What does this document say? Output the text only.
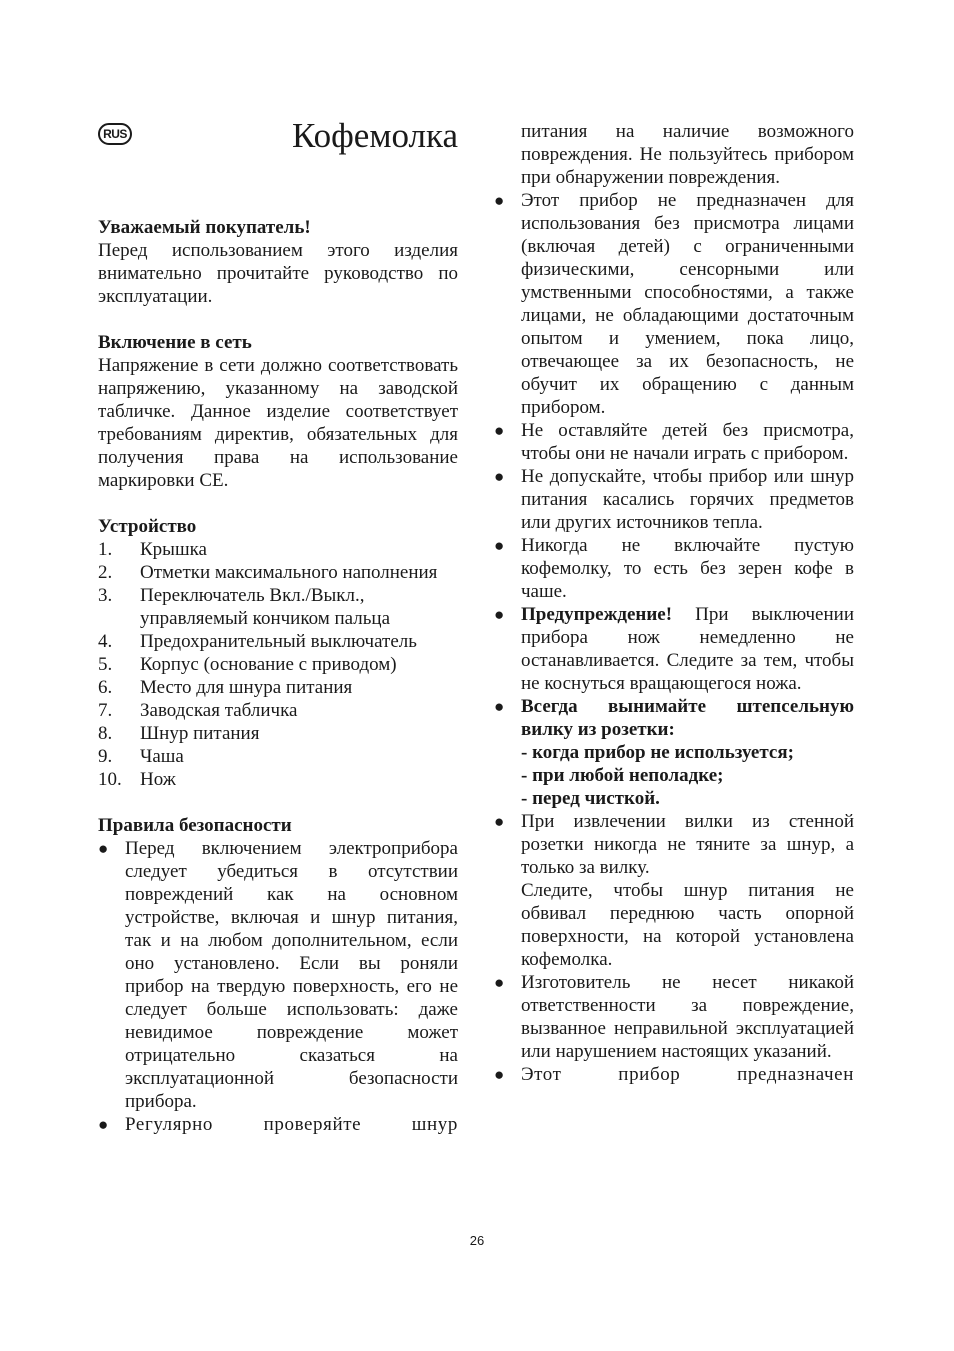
RUS	Кофемолка
Уважаемый покупатель!

Перед использованием этого изделия внимательно прочитайте руководство по эксплуатации.

Включение в сеть

Напряжение в сети должно соответствовать напряжению, указанному на заводской табличке. Данное изделие соответствует требованиям директив, обязательных для получения права на использование маркировки CE.

Устройство
1.	Крышка
2.	Отметки максимального наполнения
3.	Переключатель Вкл./Выкл., управляемый кончиком пальца
4.	Предохранительный выключатель
5.	Корпус (основание с приводом)
6.	Место для шнура питания
7.	Заводская табличка
8.	Шнур питания
9.	Чаша
10. Нож
Правила безопасности
● Перед включением электроприбора следует убедиться в отсутствии повреждений как на основном устройстве, включая и шнур питания, так и на любом дополнительном, если оно установлено. Если вы роняли прибор на твердую поверхность, его не следует больше использовать: даже невидимое повреждение может отрицательно сказаться на эксплуатационной безопасности прибора.
● Регулярно проверяйте шнур
питания на наличие возможного повреждения. Не пользуйтесь прибором при обнаружении повреждения.
● Этот прибор не предназначен для использования без присмотра лицами (включая детей) с ограниченными физическими, сенсорными или умственными способностями, а также лицами, не обладающими достаточным опытом и умением, пока лицо, отвечающее за их безопасность, не обучит их обращению с данным прибором.
● Не оставляйте детей без присмотра, чтобы они не начали играть с прибором.
● Не допускайте, чтобы прибор или шнур питания касались горячих предметов или других источников тепла.
● Никогда не включайте пустую кофемолку, то есть без зерен кофе в чаше.
● Предупреждение! При выключении прибора нож немедленно не останавливается. Следите за тем, чтобы не коснуться вращающегося ножа.
● Всегда вынимайте штепсельную вилку из розетки:
- когда прибор не используется;
- при любой неполадке;
- перед чисткой.
● При извлечении вилки из стенной розетки никогда не тяните за шнур, а только за вилку.
Следите, чтобы шнур питания не обвивал переднюю часть опорной поверхности, на которой установлена кофемолка.
● Изготовитель не несет никакой ответственности за повреждение, вызванное неправильной эксплуатацией или нарушением настоящих указаний.
● Этот прибор предназначен
26
